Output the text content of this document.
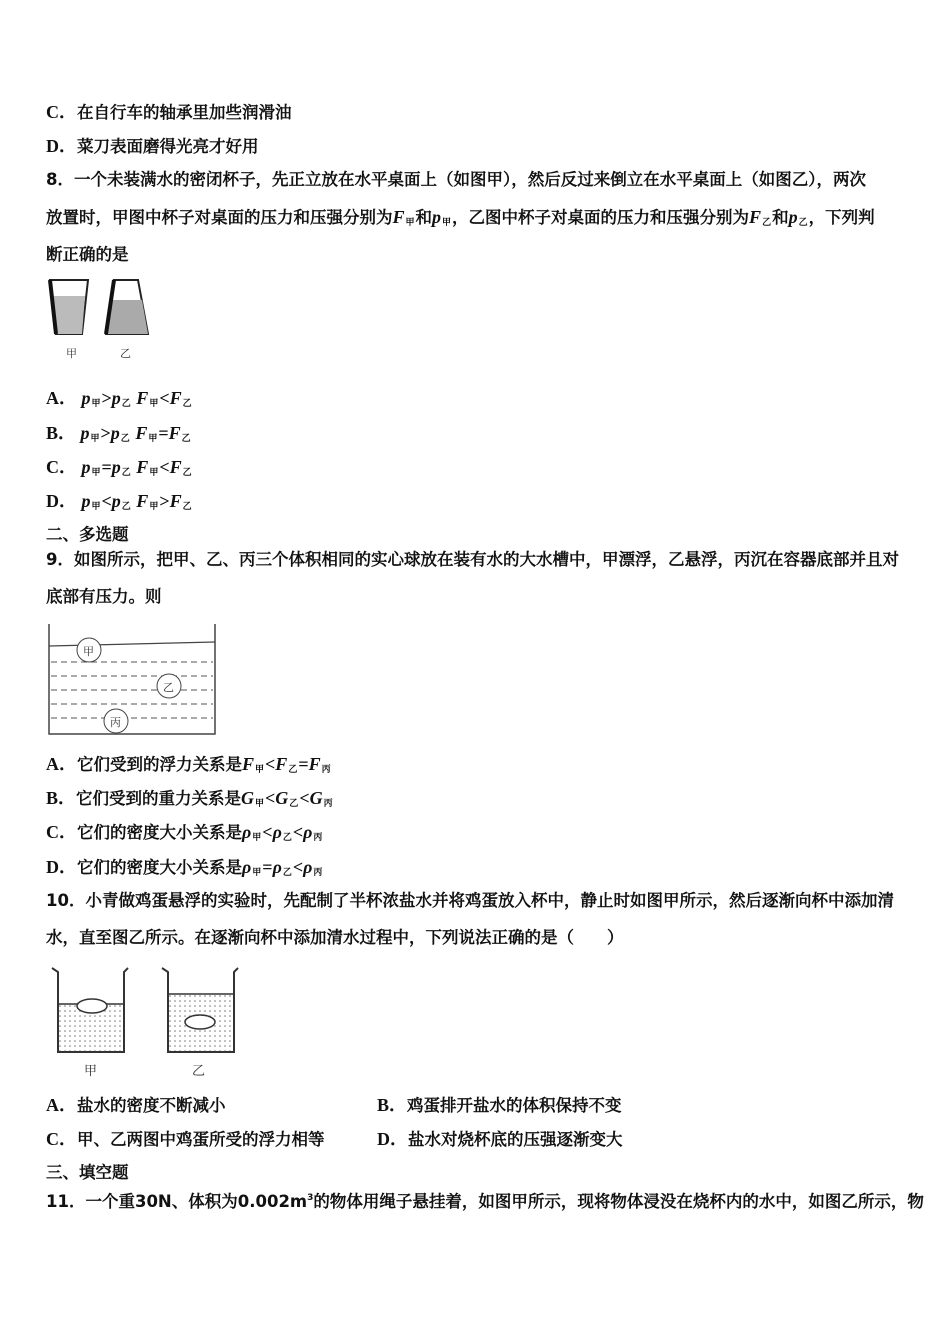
C．在自行车的轴承里加些润滑油
D．菜刀表面磨得光亮才好用
8．一个未装满水的密闭杯子，先正立放在水平桌面上（如图甲），然后反过来倒立在水平桌面上（如图乙），两次
放置时，甲图中杯子对桌面的压力和压强分别为F甲和p甲，乙图中杯子对桌面的压力和压强分别为F乙和p乙，下列判
断正确的是
A． p甲>p乙 F甲<F乙
B． p甲>p乙 F甲=F乙
C． p甲=p乙 F甲<F乙
D． p甲<p乙 F甲>F乙
二、多选题
9．如图所示，把甲、乙、丙三个体积相同的实心球放在装有水的大水槽中，甲漂浮，乙悬浮，丙沉在容器底部并且对
底部有压力。则
A．它们受到的浮力关系是F甲<F乙=F丙
B．它们受到的重力关系是G甲<G乙<G丙
C．它们的密度大小关系是ρ甲<ρ乙<ρ丙
D．它们的密度大小关系是ρ甲=ρ乙<ρ丙
10．小青做鸡蛋悬浮的实验时，先配制了半杯浓盐水并将鸡蛋放入杯中，静止时如图甲所示，然后逐渐向杯中添加清
水，直至图乙所示。在逐渐向杯中添加清水过程中，下列说法正确的是（　　）
A．盐水的密度不断减小	B．鸡蛋排开盐水的体积保持不变
C．甲、乙两图中鸡蛋所受的浮力相等	D．盐水对烧杯底的压强逐渐变大
三、填空题
11．一个重30N、体积为$0.002m^3$的物体用绳子悬挂着，如图甲所示，现将物体浸没在烧杯内的水中，如图乙所示，物
甲	乙
甲
乙
丙
甲	乙
